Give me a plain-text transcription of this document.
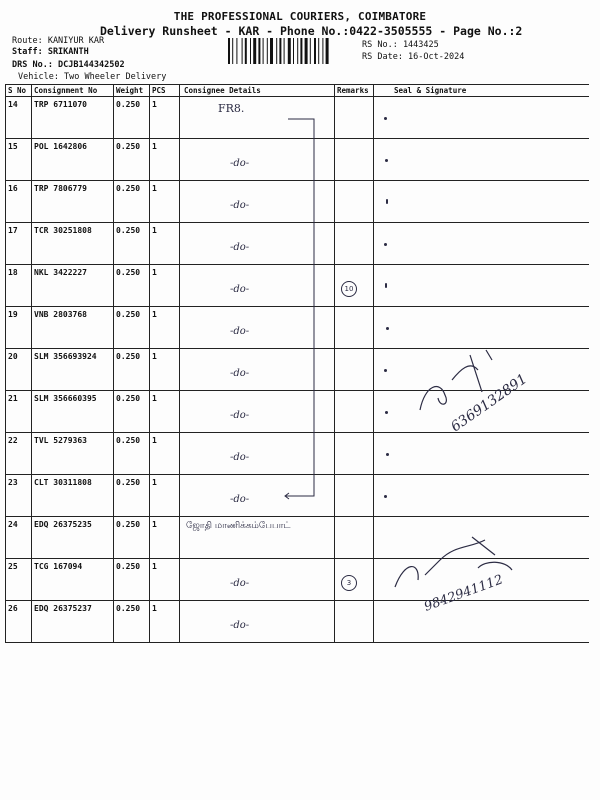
THE PROFESSIONAL COURIERS, COIMBATORE
Delivery Runsheet - KAR - Phone No.:0422-3505555 - Page No.:2
Route: KANIYUR KAR
Staff: SRIKANTH
DRS No.: DCJB144342502
Vehicle: Two Wheeler Delivery
RS No.: 1443425
RS Date: 16-Oct-2024
S No	Consignment No	Weight	PCS	Consignee Details	Remarks	Seal & Signature
14	TRP 6711070	0.250	1	FR8.		

15	POL 1642806	0.250	1	-do-		

16	TRP 7806779	0.250	1	-do-		

17	TCR 30251808	0.250	1	-do-		

18	NKL 3422227	0.250	1	-do-	10	

19	VNB 2803768	0.250	1	-do-		

20	SLM 356693924	0.250	1	-do-		

21	SLM 356660395	0.250	1	-do-		

22	TVL 5279363	0.250	1	-do-		

23	CLT 30311808	0.250	1	-do-		

24	EDQ 26375235	0.250	1	ஜோதி மாணிக்கம்பேபாட்		

25	TCG 167094	0.250	1	-do-	3	

26	EDQ 26375237	0.250	1	-do-		

6369132891
9842941112
